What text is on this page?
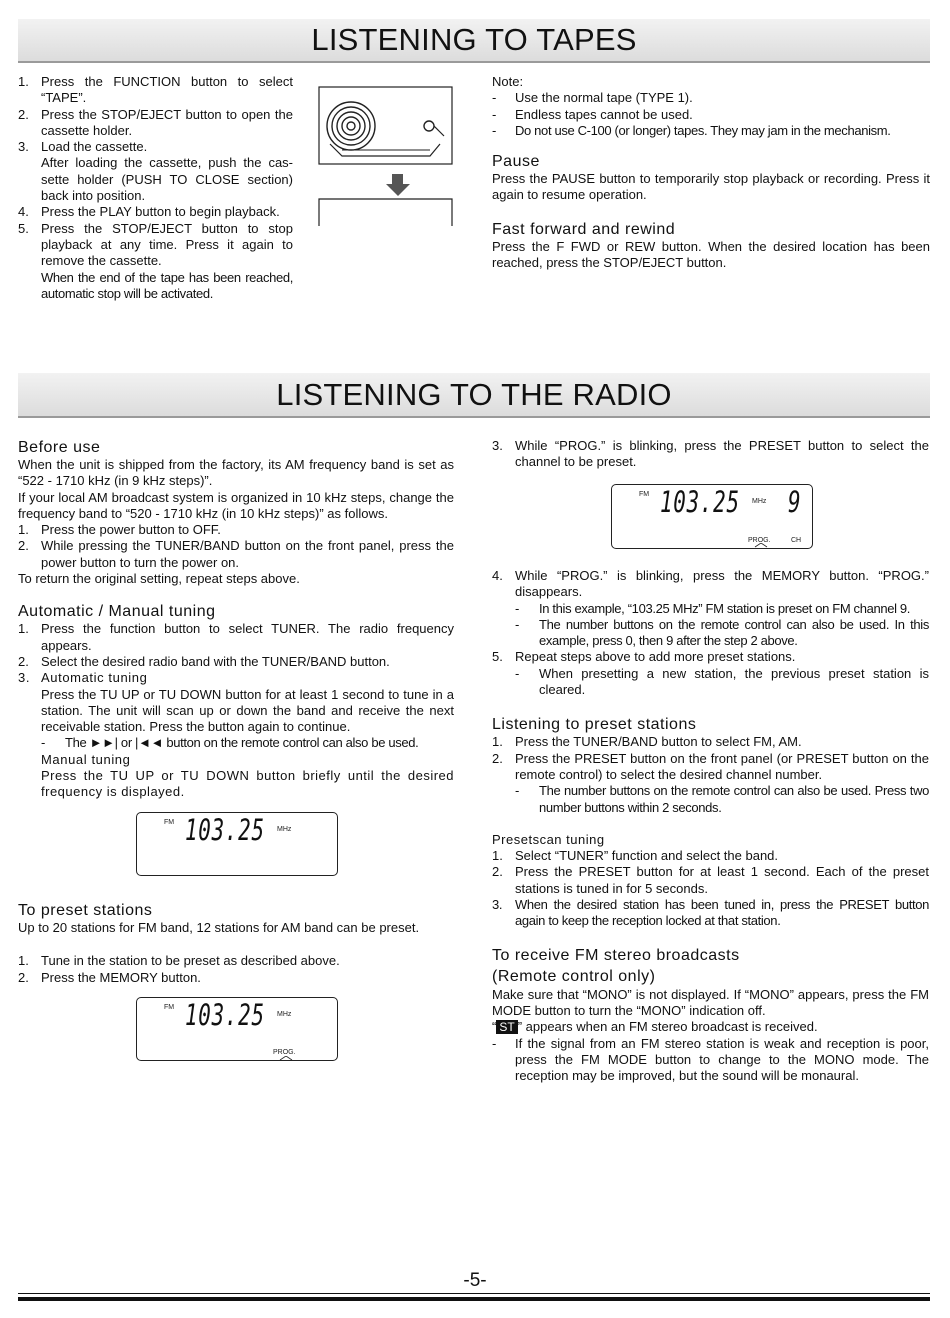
LISTENING TO TAPES
1. Press the FUNCTION button to select “TAPE”.
2. Press the STOP/EJECT button to open the cassette holder.
3. Load the cassette.
After loading the cassette, push the cas-sette holder (PUSH TO CLOSE section) back into position.
4. Press the PLAY button to begin playback.
5. Press the STOP/EJECT button to stop playback at any time. Press it again to remove the cassette.
When the end of the tape has been reached, automatic stop will be activated.

Note:

- Use the normal tape (TYPE 1).
- Endless tapes cannot be used.
- Do not use C-100 (or longer) tapes. They may jam in the mechanism.

Pause

Press the PAUSE button to temporarily stop playback or recording. Press it again to resume operation.

Fast forward and rewind

Press the F FWD or REW button. When the desired location has been reached, press the STOP/EJECT button.

LISTENING TO THE RADIO

Before use

When the unit is shipped from the factory, its AM frequency band is set as “522 - 1710 kHz (in 9 kHz steps)”.

If your local AM broadcast system is organized in 10 kHz steps, change the frequency band to “520 - 1710 kHz (in 10 kHz steps)” as follows.

1. Press the power button to OFF.
2. While pressing the TUNER/BAND button on the front panel, press the power button to turn the power on.

To return the original setting, repeat steps above.

Automatic / Manual tuning

1. Press the function button to select TUNER. The radio frequency appears.
2. Select the desired radio band with the TUNER/BAND button.
3. Automatic tuning

Press the TU UP or TU DOWN button for at least 1 second to tune in a station. The unit will scan up or down the band and receive the next receivable station. Press the button again to continue.

- The ►►| or |◄◄ button on the remote control can also be used.

Manual tuning

Press the TU UP or TU DOWN button briefly until the desired frequency is displayed.

FM 103.25 MHz

To preset stations

Up to 20 stations for FM band, 12 stations for AM band can be preset.

1. Tune in the station to be preset as described above.
2. Press the MEMORY button.
FM 103.25 MHz
PROG.
3. While “PROG.” is blinking, press the PRESET button to select the channel to be preset.
FM 103.25 MHz 9
PROG.	CH
4. While “PROG.” is blinking, press the MEMORY button. “PROG.” disappears.
- In this example, “103.25 MHz” FM station is preset on FM channel 9.
- The number buttons on the remote control can also be used. In this example, press 0, then 9 after the step 2 above.
5. Repeat steps above to add more preset stations.
- When presetting a new station, the previous preset station is cleared.

Listening to preset stations

1. Press the TUNER/BAND button to select FM, AM.
2. Press the PRESET button on the front panel (or PRESET button on the remote control) to select the desired channel number.
- The number buttons on the remote control can also be used. Press two number buttons within 2 seconds.

Presetscan tuning

1. Select “TUNER” function and select the band.
2. Press the PRESET button for at least 1 second. Each of the preset stations is tuned in for 5 seconds.
3. When the desired station has been tuned in, press the PRESET button again to keep the reception locked at that station.

To receive FM stereo broadcasts

(Remote control only)

Make sure that “MONO” is not displayed. If “MONO” appears, press the FM MODE button to turn the “MONO” indication off.

“ ST ” appears when an FM stereo broadcast is received.

- If the signal from an FM stereo station is weak and reception is poor, press the FM MODE button to change to the MONO mode. The reception may be improved, but the sound will be monaural.
-5-
